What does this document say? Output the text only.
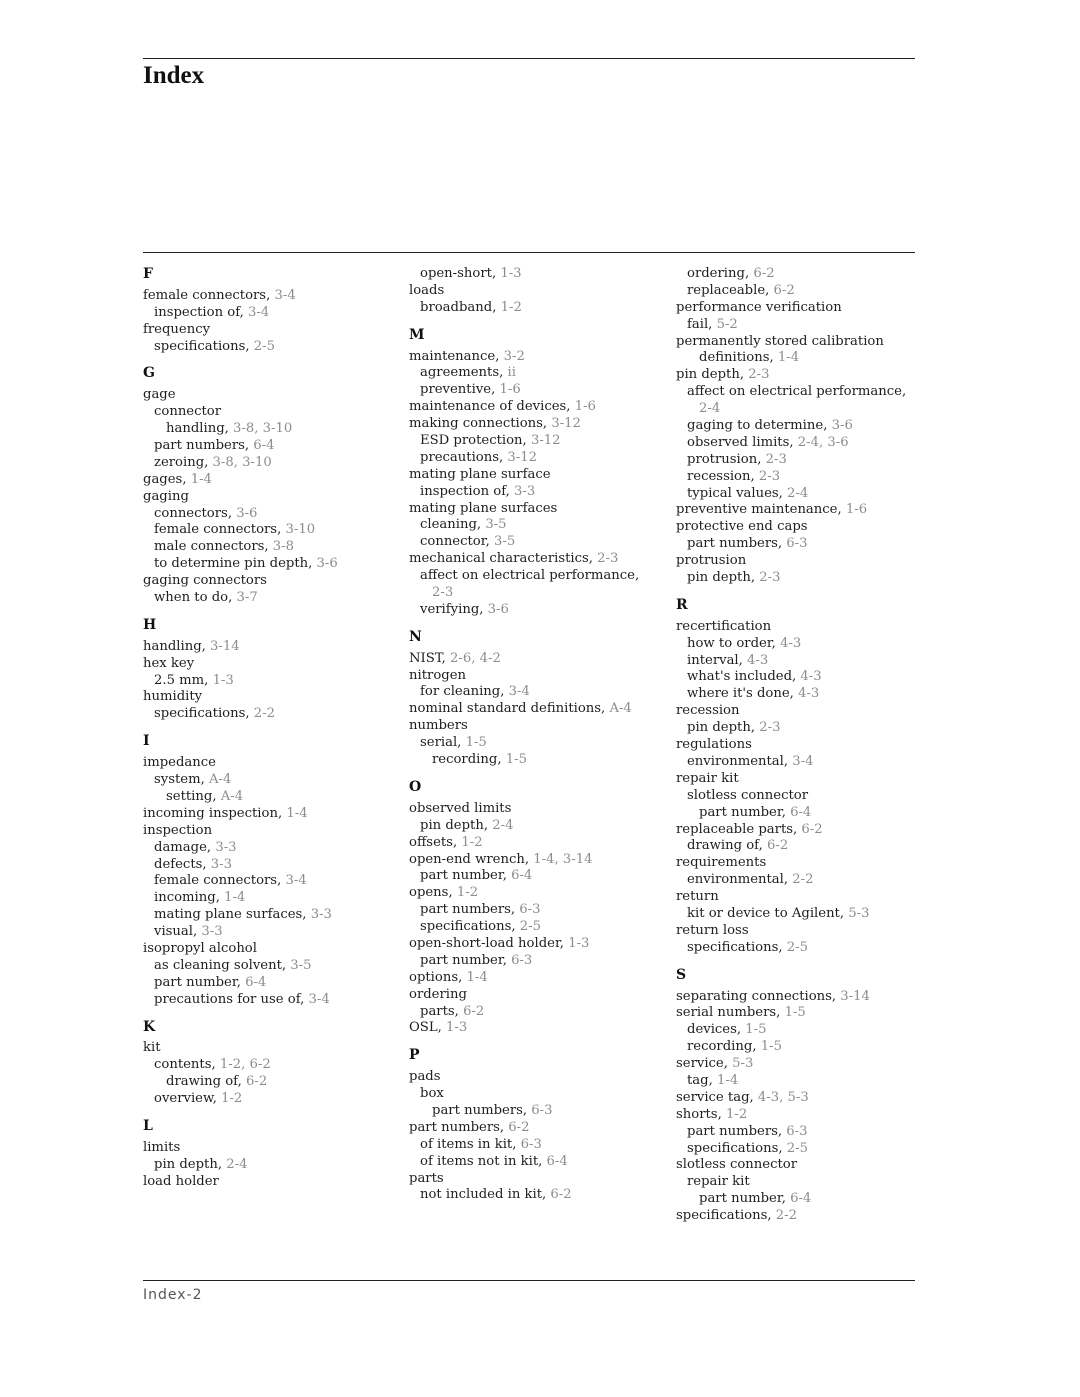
Index
F
female connectors, 3-4
inspection of, 3-4
frequency
specifications, 2-5
G
gage
connector
handling, 3-8, 3-10
part numbers, 6-4
zeroing, 3-8, 3-10
gages, 1-4
gaging
connectors, 3-6
female connectors, 3-10
male connectors, 3-8
to determine pin depth, 3-6
gaging connectors
when to do, 3-7
H
handling, 3-14
hex key
2.5 mm, 1-3
humidity
specifications, 2-2
I
impedance
system, A-4
setting, A-4
incoming inspection, 1-4
inspection
damage, 3-3
defects, 3-3
female connectors, 3-4
incoming, 1-4
mating plane surfaces, 3-3
visual, 3-3
isopropyl alcohol
as cleaning solvent, 3-5
part number, 6-4
precautions for use of, 3-4
K
kit
contents, 1-2, 6-2
drawing of, 6-2
overview, 1-2
L
limits
pin depth, 2-4
load holder
open-short, 1-3
loads
broadband, 1-2
M
maintenance, 3-2
agreements, ii
preventive, 1-6
maintenance of devices, 1-6
making connections, 3-12
ESD protection, 3-12
precautions, 3-12
mating plane surface
inspection of, 3-3
mating plane surfaces
cleaning, 3-5
connector, 3-5
mechanical characteristics, 2-3
affect on electrical performance,
2-3
verifying, 3-6
N
NIST, 2-6, 4-2
nitrogen
for cleaning, 3-4
nominal standard definitions, A-4
numbers
serial, 1-5
recording, 1-5
O
observed limits
pin depth, 2-4
offsets, 1-2
open-end wrench, 1-4, 3-14
part number, 6-4
opens, 1-2
part numbers, 6-3
specifications, 2-5
open-short-load holder, 1-3
part number, 6-3
options, 1-4
ordering
parts, 6-2
OSL, 1-3
P
pads
box
part numbers, 6-3
part numbers, 6-2
of items in kit, 6-3
of items not in kit, 6-4
parts
not included in kit, 6-2
ordering, 6-2
replaceable, 6-2
performance verification
fail, 5-2
permanently stored calibration
definitions, 1-4
pin depth, 2-3
affect on electrical performance,
2-4
gaging to determine, 3-6
observed limits, 2-4, 3-6
protrusion, 2-3
recession, 2-3
typical values, 2-4
preventive maintenance, 1-6
protective end caps
part numbers, 6-3
protrusion
pin depth, 2-3
R
recertification
how to order, 4-3
interval, 4-3
what's included, 4-3
where it's done, 4-3
recession
pin depth, 2-3
regulations
environmental, 3-4
repair kit
slotless connector
part number, 6-4
replaceable parts, 6-2
drawing of, 6-2
requirements
environmental, 2-2
return
kit or device to Agilent, 5-3
return loss
specifications, 2-5
S
separating connections, 3-14
serial numbers, 1-5
devices, 1-5
recording, 1-5
service, 5-3
tag, 1-4
service tag, 4-3, 5-3
shorts, 1-2
part numbers, 6-3
specifications, 2-5
slotless connector
repair kit
part number, 6-4
specifications, 2-2
Index-2
